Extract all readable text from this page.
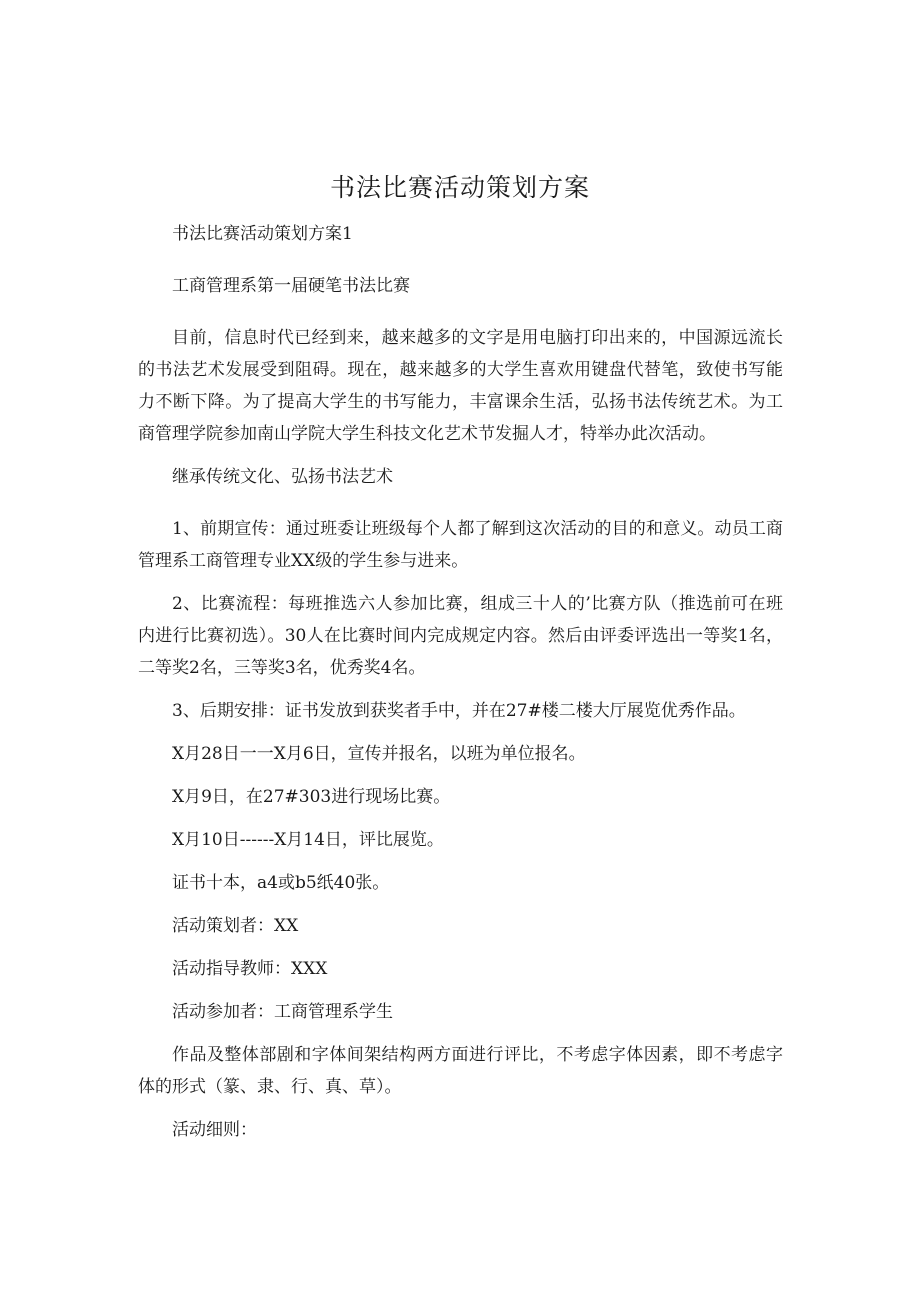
书法比赛活动策划方案

书法比赛活动策划方案1

工商管理系第一届硬笔书法比赛

目前，信息时代已经到来，越来越多的文字是用电脑打印出来的，中国源远流长的书法艺术发展受到阻碍。现在，越来越多的大学生喜欢用键盘代替笔，致使书写能力不断下降。为了提高大学生的书写能力，丰富课余生活，弘扬书法传统艺术。为工商管理学院参加南山学院大学生科技文化艺术节发掘人才，特举办此次活动。

继承传统文化、弘扬书法艺术

1、前期宣传：通过班委让班级每个人都了解到这次活动的目的和意义。动员工商管理系工商管理专业XX级的学生参与进来。

2、比赛流程：每班推选六人参加比赛，组成三十人的’比赛方队（推选前可在班内进行比赛初选）。30人在比赛时间内完成规定内容。然后由评委评选出一等奖1名，二等奖2名，三等奖3名，优秀奖4名。

3、后期安排：证书发放到获奖者手中，并在27#楼二楼大厅展览优秀作品。

X月28日一一X月6日，宣传并报名，以班为单位报名。

X月9日，在27#303进行现场比赛。

X月10日------X月14日，评比展览。

证书十本，a4或b5纸40张。

活动策划者：XX

活动指导教师：XXX

活动参加者：工商管理系学生

作品及整体部剧和字体间架结构两方面进行评比，不考虑字体因素，即不考虑字体的形式（篆、隶、行、真、草）。

活动细则：
